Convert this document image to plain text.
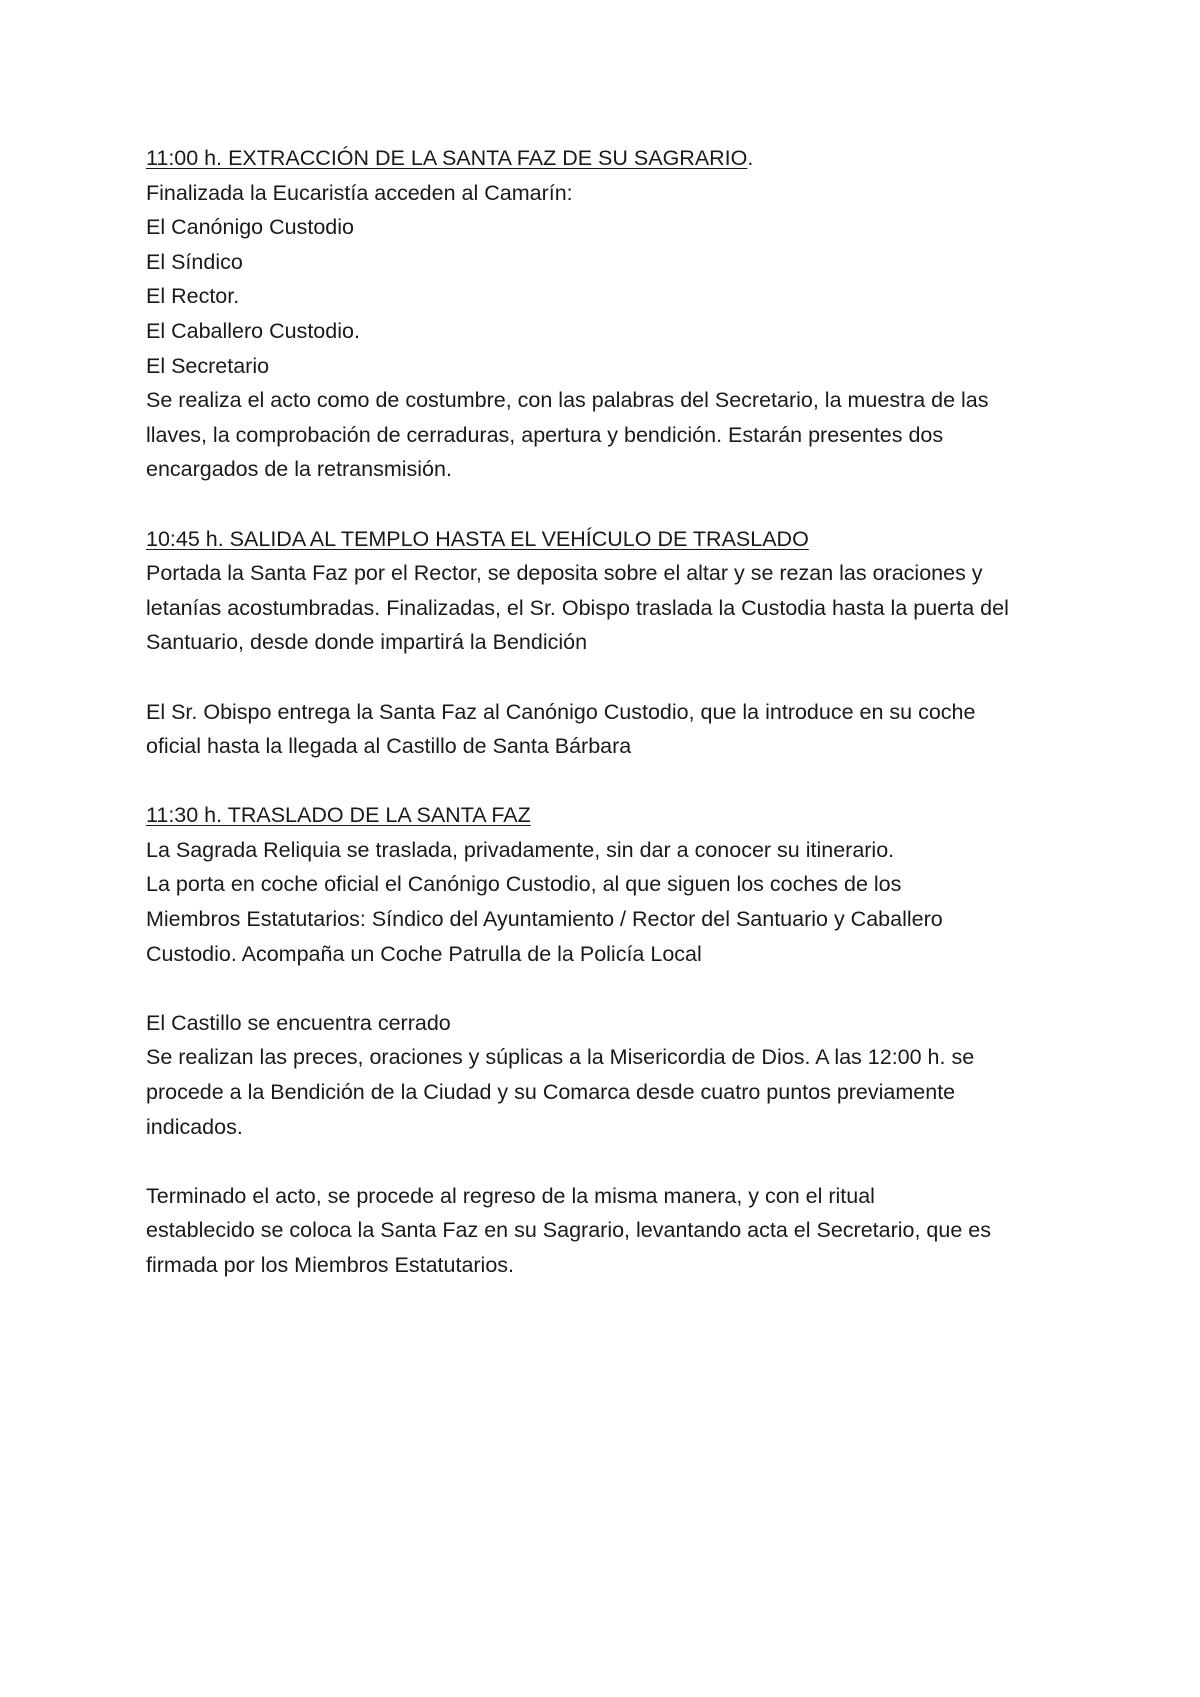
11:00 h. EXTRACCIÓN DE LA SANTA FAZ DE SU SAGRARIO.
Finalizada la Eucaristía acceden al Camarín:
El Canónigo Custodio
El Síndico
El Rector.
El Caballero Custodio.
El Secretario
Se realiza el acto como de costumbre, con las palabras del Secretario, la muestra de las
llaves, la comprobación de cerraduras, apertura y bendición. Estarán presentes dos
encargados de la retransmisión.
10:45 h. SALIDA AL TEMPLO HASTA EL VEHÍCULO DE TRASLADO
Portada la Santa Faz por el Rector, se deposita sobre el altar y se rezan las oraciones y
letanías acostumbradas. Finalizadas, el Sr. Obispo traslada la Custodia hasta la puerta del
Santuario, desde donde impartirá la Bendición
El Sr. Obispo entrega la Santa Faz al Canónigo Custodio, que la introduce en su coche
oficial hasta la llegada al Castillo de Santa Bárbara
11:30 h. TRASLADO DE LA SANTA FAZ
La Sagrada Reliquia se traslada, privadamente, sin dar a conocer su itinerario.
La porta en coche oficial el Canónigo Custodio, al que siguen los coches de los
Miembros Estatutarios: Síndico del Ayuntamiento / Rector del Santuario y Caballero
Custodio. Acompaña un Coche Patrulla de la Policía Local
El Castillo se encuentra cerrado
Se realizan las preces, oraciones y súplicas a la Misericordia de Dios. A las 12:00 h. se
procede a la Bendición de la Ciudad y su Comarca desde cuatro puntos previamente
indicados.
Terminado el acto, se procede al regreso de la misma manera, y con el ritual
establecido se coloca la Santa Faz en su Sagrario, levantando acta el Secretario, que es
firmada por los Miembros Estatutarios.
